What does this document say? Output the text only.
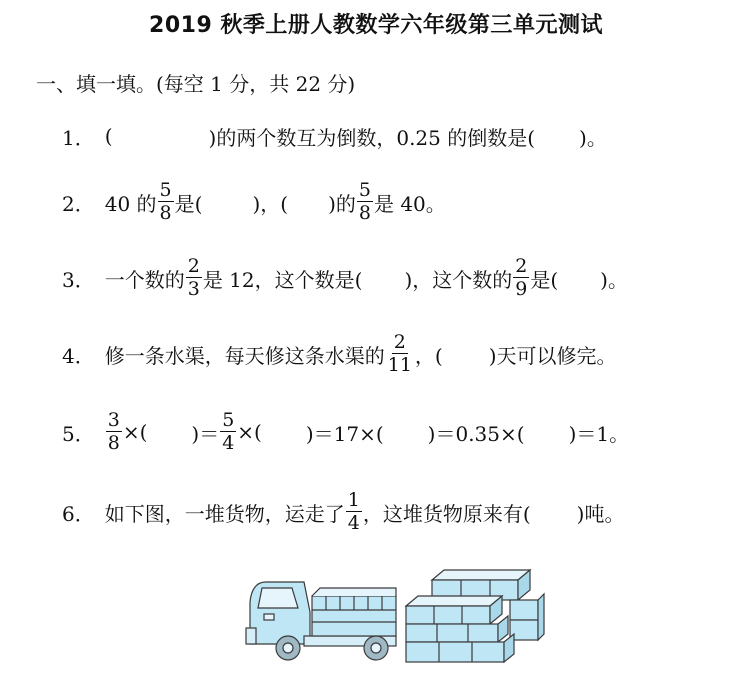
2019 秋季上册人教数学六年级第三单元测试
一、填一填。(每空 1 分，共 22 分)
1． (	)的两个数互为倒数，0.25 的倒数是( )。
2． 40 的 $\frac{5}{8}$ 是(	)，( )的 $\frac{5}{8}$ 是 40。
3． 一个数的 $\frac{2}{3}$ 是 12，这个数是( )，这个数的 $\frac{2}{9}$ 是( )。
4． 修一条水渠，每天修这条水渠的 $\frac{2}{11}$ ，( )天可以修完。
5． $\frac{3}{8}$ ×( )＝ $\frac{5}{4}$ ×( )＝17×( )＝0.35×( )＝1。
6． 如下图，一堆货物，运走了 $\frac{1}{4}$ ，这堆货物原来有( )吨。
